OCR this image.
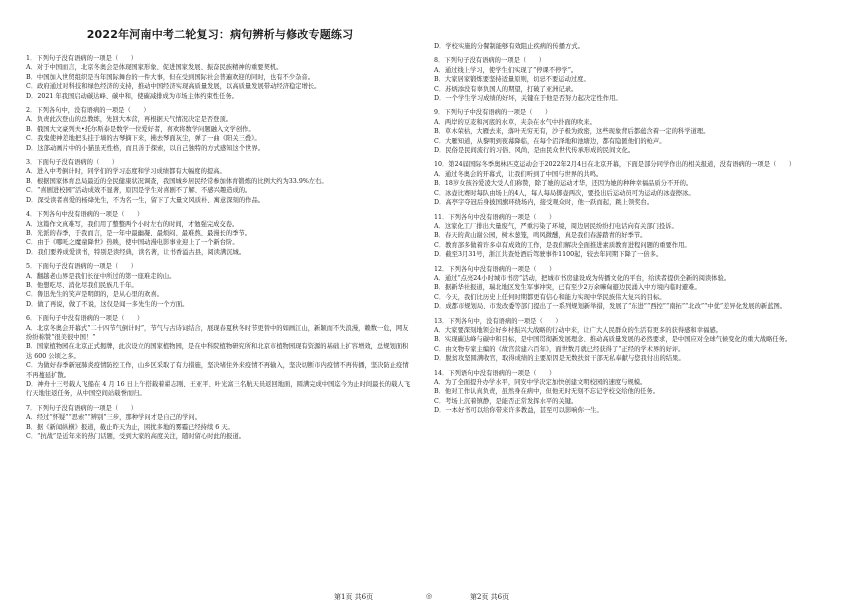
2022年河南中考二轮复习：病句辨析与修改专题练习
1．下列句子没有语病的一项是（　　）
A．对于中国而言，北京冬奥会是体现国家形象、促进国家发展、振奋民族精神的重要契机。
B．中国加入世贸组织是当年国际舞台的一件大事，但在受到国际社会普遍欢迎的同时，也有不少杂音。
C．政府通过对科技和绿色经济的支持，推动中国经济实现高质量发展，以高质量发展带动经济稳定增长。
D．2021 年我国启动碳达峰、碳中和，使碳减排成为市场主体约束性任务。
2．下列各句中，没有语病的一项是（　　）
A．负责此次登山的总教练，先回大本营，再根据天气情况决定是否登顶。
B．俄国大文豪列夫•托尔斯泰是数学一位爱好者，喜欢将数学问题融入文学创作。
C．我鬼使神差地把头挂于墙的古琴摘下来，拂去琴面灰尘，弹了一曲《阳关三叠》。
D．这部动画片中的小猫虽无性格，而且善于探索，以自己独特的方式感知这个世界。
3．下面句子没有语病的（　　）
A．进入中考倒计时，同学们的学习态度和学习成绩都有大幅度的提高。
B．根据国家体育总局最近的全民健康状况调查，我国城乡居民经常参加体育锻炼的比例大约为33.9%左右。
C．“喜剧进校园”活动成效不显著，原因是学生对喜剧不了解、不感兴趣造成的。
D．深受读者喜爱的杨绛先生，不为名一生，留下了大量文风质朴、寓意深刻的作品。
4．下列各句中没有语病的一项是（　　）
A．这篇作文真难写，我们用了整整两个小时左右的时间，才勉强完成交卷。
B．光派的春季，于我而言，是一年中最幽凝、最烦闷、最难熬、最漫长的季节。
C．由于《哪吒之魔童降世》热映，使中国动漫电影事业迎上了一个新台阶。
D．我们要养成爱读书，特别是读经典，读名著，让书香溢古县，阅读满沉城。
5．下面句子没有语病的一项是（　　）
A．翻越老山界是我们长征中所过的第一座难走的山。
B．他想吃尽、消化尽我们民族几千年。
C．鲁迅先生的笑声是明朗的，是从心里的欢喜。
D．做了再说，做了不说，这仅是闻一多先生的一个方面。
6．下面句子中没有语病的一项是（　　）
A．北京冬奥会开幕式“二十四节气倒计时”，节气与古诗词结合，展现春夏秋冬时节更替中的如画江山，新颖而不失浪漫，赖数一危，网友纷纷称赞“很美很中国！”
B．国家植物园在北京正式揭牌，此次设立的国家植物园，是在中科院植物研究所和北京市植物园现有资源的基础上扩容增效，总规划面积达 600 公顷之多。
C．为做好春季新冠肺炎疫情防控工作，山乡区采取了有力措施，坚决堵住外来疫情不再输入，坚决切断市内疫情不再传播，坚决防止疫情不再蔓延扩散。
D．神舟十三号载人飞船在 4 月 16 日上午搭载着翟志刚、王亚平、叶光富三名航天员返回地面，圆满完成中国迄今为止时间最长的载人飞行天地往返任务，从中国空间站载誉而归。
7．下列句子没有语病的一项是（　　）
A．经过“怀疑”“思索”“辨别”三步，那种学问才是自己的学问。
B．据《新闻纵横》报道，截止昨天为止，困扰多地的雾霾已经持续 6 天。
C．“抗战”是近年来的热门话题，受到大家的高度关注，随时留心时此的报道。
D．学校实施的分餐制能够有效阻止疾病的传播方式。
8．下列句子没有语病的一项是（　　）
A．通过线上学习，使学生们实现了“停课不停学”。
B．大家居家锻炼要坚持适量原则，切忌不要运动过度。
C．苏炳添没有辜负国人的期望，打破了亚洲记录。
D．一个学生学习成绩的好坏，关键在于他是否努力起决定性作用。
9．下列句子中没有语病的一项是（　　）
A．两岸的豆麦和河底的水草，夹杂在水气中扑面的吹来。
B．草木荣枯，大雁去来，落叶无穷无有，沙子极为致密，这些现象背后都蕴含着一定的科学道理。
C．大雁知道，从黎明到夜幕降临，在每个沼泽地和池塘边，都有隐匿他们的枪声。
D．民俗是民间流行的习俗、风尚，是由民众世代传承形成的民间文化。
10．第24届国际冬季奥林匹克运动会于2022年2月4日在北京开幕，下面是部分同学作出的相关报道，没有语病的一项是（　　）
A．通过冬奥会的开幕式，让我们听到了中国与世界的共鸣。
B．18岁女孩谷爱凌大受人们称赞，除了她的运动才华，还因为她的种种幸福品质分不开的。
C．冰壶比赛时每队由场上的4人，每人每局掷壶两次，要投出后运动员可为运动的冰壶擦冰。
D．高亭宇夺冠后身披国旗环绕场内，接受观众时，他一跃而起，跳上领奖台。
11．下列各句中没有语病的一项是（　　）
A．这家化工厂排出大量废气，严重污染了环境，周边居民纷纷打电话向有关部门投诉。
B．春天的黄山谢公园，树木葱笼，鸣风微醺，真是我们春游踏青的好季节。
C．教育部多做着许多卓有成效的工作，是我们解决全面推进素质教育进程问题的重要作用。
D．截至3月31号，浙江共查处酒后驾驶事件1100起，较去年同期下降了一倍多。
12．下列各句中没有语病的一项是（　　）
A．通过“点亮24小时城市书房”活动，把城市书房建设成为传播文化的平台，给读者提供全新的阅读体验。
B．据新华社报道，瑞北地区发生军事冲突，已有至少2万余嘛甸避边民涌入中方境内临时避难。
C．今天，我们比历史上任何时期都更有信心和能力实现中华民族伟大复兴的目标。
D．成都市规划局、市发改委等部门提出了一系列规划新举措，发展了“东进”“西控”“南拓”“北改”“中优”差异化发展的新蓝图。
13．下列各句中，没有语病的一项是（　　）
A．大家要深刻地领会好乡村振兴大战略的行动中来，让广大人民群众的生活有更多的获得感和幸福感。
B．实现碳达峰与碳中和目标，是中国贯彻新发展理念、推动高质量发展的必然要求，是中国应对全球气候变化的重大战略任务。
C．由文物专家主编的《故宫营建六百年》，面世数月就已经获得了“正经的学术界的好评。
D．脱贫攻坚圆满收官，取得成绩的主要原因是无数扶贫干部无私奉献与您我付出的结果。
14．下列语句中没有语病的一项是（　　）
A．为了全面提升办学水平，同安中学决定加快创建文明校园的速度与规模。
B．他对工作认真负责，虽然身在病中，但他无时无刻不忘记学校交给他的任务。
C．考场上沉着镇静，是能否正常发挥水平的关键。
D．一本好书可以给你带来许多教益，甚至可以影响你一生。
第1页 共6页	◎	第2页 共6页
